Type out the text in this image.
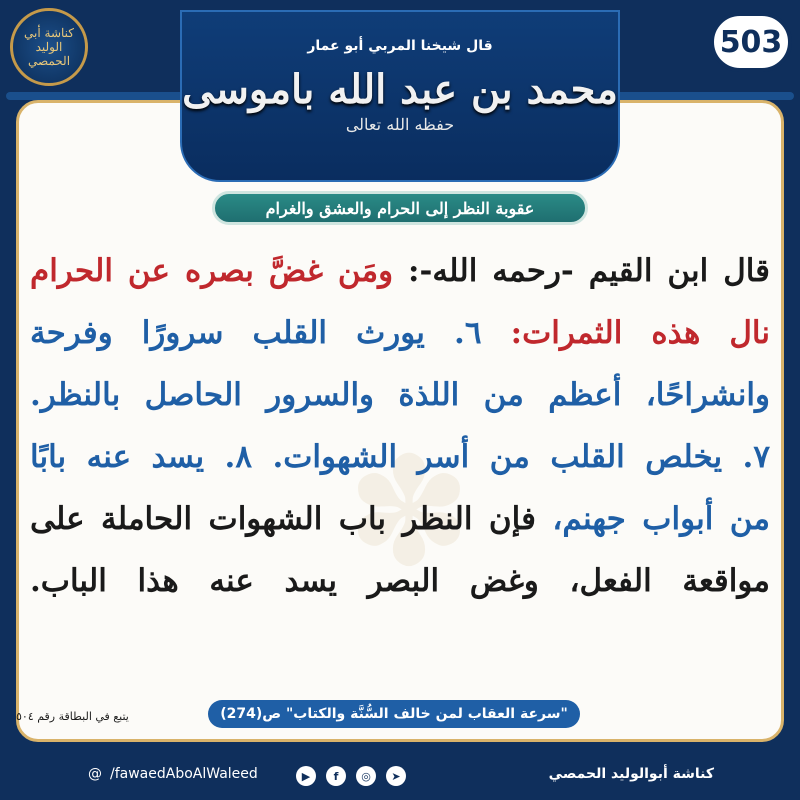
✽
قال شيخنا المربي أبو عمار
محمد بن عبد الله باموسى
حفظه الله تعالى
كناشة أبي الوليد الحمصي
503
عقوبة النظر إلى الحرام والعشق والغرام
قال ابن القيم -رحمه الله-: ومَن غضَّ بصره عن الحرام
نال هذه الثمرات: ٦. يورث القلب سرورًا وفرحة
وانشراحًا، أعظم من اللذة والسرور الحاصل بالنظر.
٧. يخلص القلب من أسر الشهوات. ٨. يسد عنه بابًا
من أبواب جهنم، فإن النظر باب الشهوات الحاملة على
مواقعة الفعل، وغض البصر يسد عنه هذا الباب.
"سرعة العقاب لمن خالف السُّنَّة والكتاب" ص(274)
يتبع في البطاقة رقم ٥٠٤
كناشة أبوالوليد الحمصي
▶	f	◎	➤
@ /fawaedAboAlWaleed
